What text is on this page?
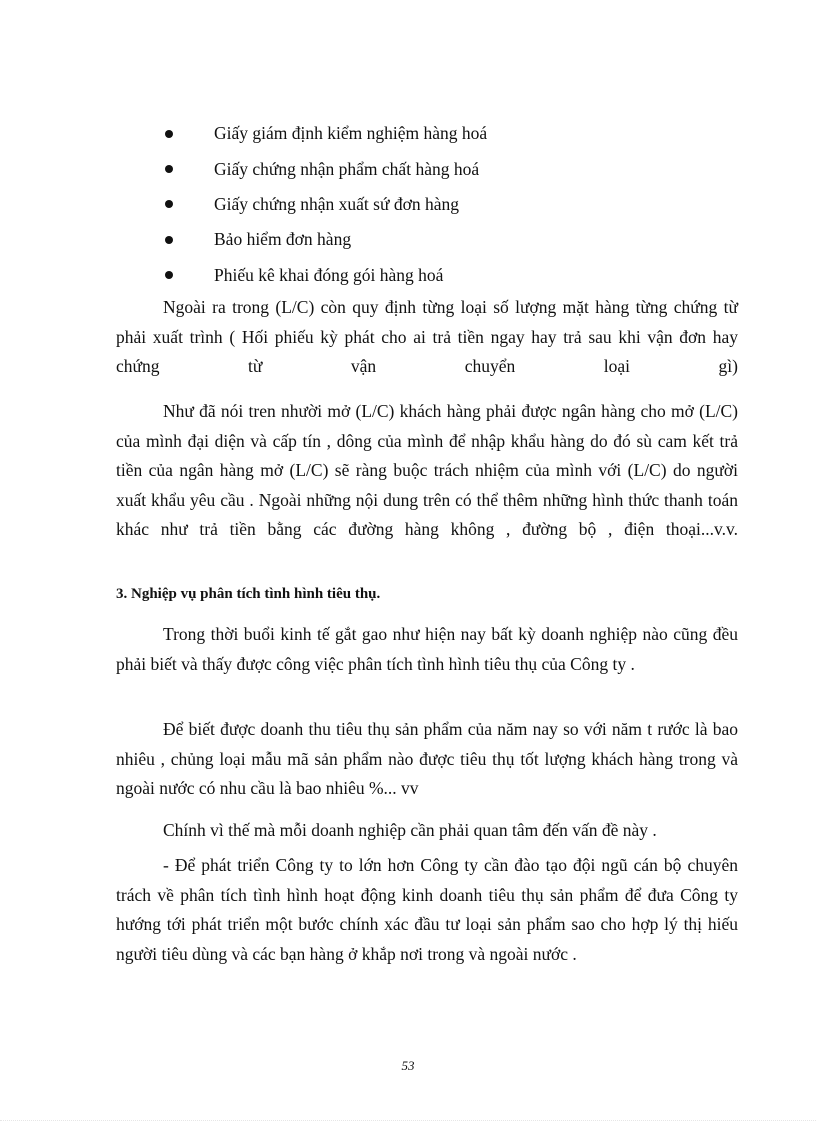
Giấy giám định kiểm nghiệm hàng hoá
Giấy chứng nhận phẩm chất hàng hoá
Giấy chứng nhận xuất sứ đơn hàng
Bảo hiểm đơn hàng
Phiếu kê khai đóng gói hàng hoá

Ngoài ra trong (L/C) còn quy định từng loại số lượng mặt hàng từng chứng từ phải xuất trình ( Hối phiếu kỳ phát cho ai trả tiền ngay hay trả sau khi vận đơn hay chứng từ vận chuyển loại gì)

Như đã nói tren nhười mở (L/C) khách hàng phải được ngân hàng cho mở (L/C) của mình đại diện và cấp tín , dông của mình để nhập khẩu hàng do đó sù cam kết trả tiền của ngân hàng mở (L/C) sẽ ràng buộc trách nhiệm của mình với (L/C) do người xuất khẩu yêu cầu . Ngoài những nội dung trên có thể thêm những hình thức thanh toán khác như trả tiền bằng các đường hàng không , đường bộ , điện thoại...v.v.

3. Nghiệp vụ phân tích tình hình tiêu thụ.

Trong thời buổi kinh tế gắt gao như hiện nay bất kỳ doanh nghiệp nào cũng đều phải biết và thấy được công việc phân tích tình hình tiêu thụ của Công ty .

Để biết được doanh thu tiêu thụ sản phẩm của năm nay so với năm t rước là bao nhiêu , chủng loại mẫu mã sản phẩm nào được tiêu thụ tốt lượng khách hàng trong và ngoài nước có nhu cầu là bao nhiêu %... vv

Chính vì thế mà mỗi doanh nghiệp cần phải quan tâm đến vấn đề này .

- Để phát triển Công ty to lớn hơn Công ty cần đào tạo đội ngũ cán bộ chuyên trách về phân tích tình hình hoạt động kinh doanh tiêu thụ sản phẩm để đưa Công ty hướng tới phát triển một bước chính xác đầu tư loại sản phẩm sao cho hợp lý thị hiếu người tiêu dùng và các bạn hàng ở khắp nơi trong và ngoài nước .

53
